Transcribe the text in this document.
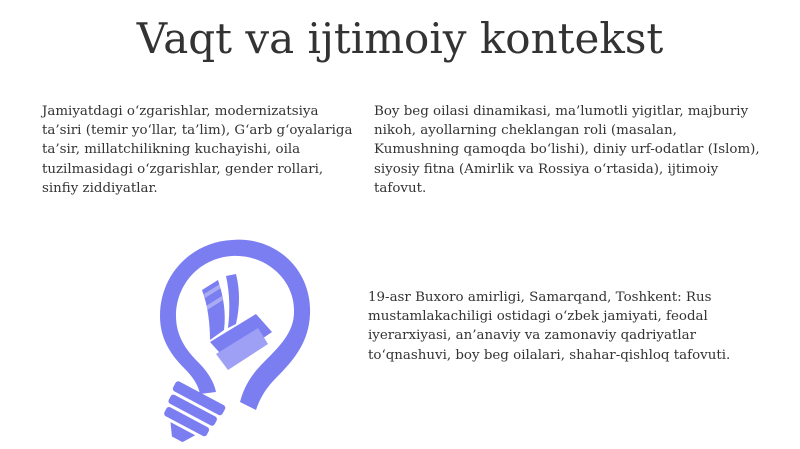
Vaqt va ijtimoiy kontekst

Jamiyatdagi o‘zgarishlar, modernizatsiya ta’siri (temir yo‘llar, ta’lim), G‘arb g‘oyalariga ta’sir, millatchilikning kuchayishi, oila tuzilmasidagi o‘zgarishlar, gender rollari, sinfiy ziddiyatlar.

Boy beg oilasi dinamikasi, ma’lumotli yigitlar, majburiy nikoh, ayollarning cheklangan roli (masalan, Kumushning qamoqda bo‘lishi), diniy urf-odatlar (Islom), siyosiy fitna (Amirlik va Rossiya o‘rtasida), ijtimoiy tafovut.

19-asr Buxoro amirligi, Samarqand, Toshkent: Rus mustamlakachiligi ostidagi o‘zbek jamiyati, feodal iyerarxiyasi, an’anaviy va zamonaviy qadriyatlar to‘qnashuvi, boy beg oilalari, shahar-qishloq tafovuti.
